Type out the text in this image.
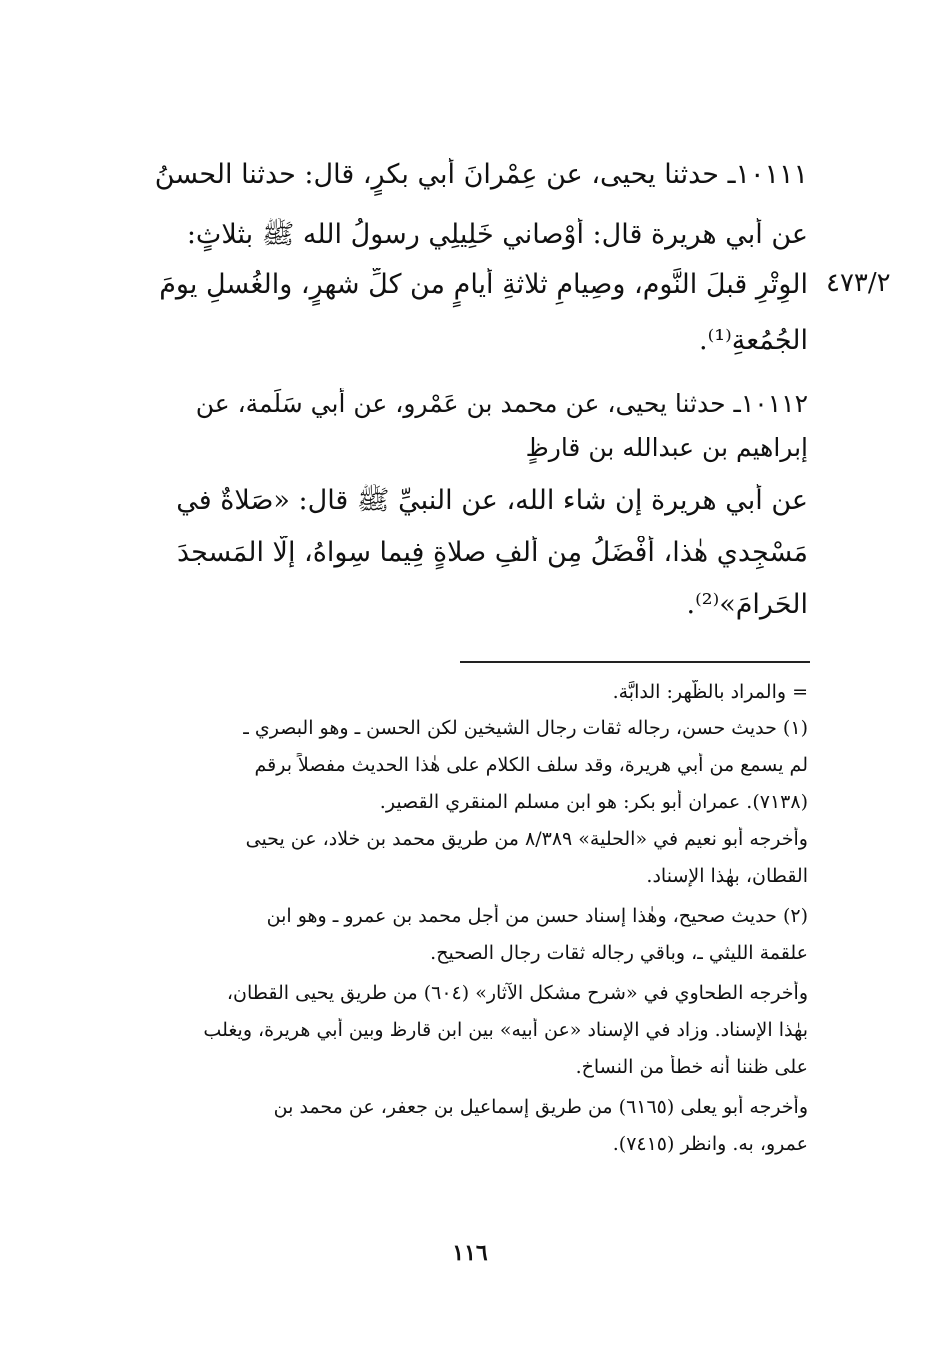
٤٧٣/٢
١٠١١١ـ حدثنا يحيى، عن عِمْرانَ أبي بكرٍ، قال: حدثنا الحسنُ
عن أبي هريرة قال: أَوْصاني خَلِيلِي رسولُ الله ﷺ بثلاثٍ:
الوِتْرِ قبلَ النَّوم، وصِيامِ ثلاثةِ أيامٍ من كلِّ شهرٍ، والغُسلِ يومَ
الجُمُعةِ⁽¹⁾.
١٠١١٢ـ حدثنا يحيى، عن محمد بن عَمْرو، عن أبي سَلَمة، عن
إبراهيم بن عبدالله بن قارظٍ
عن أبي هريرة إن شاء الله، عن النبيِّ ﷺ قال: «صَلاةٌ في
مَسْجِدي هٰذا، أَفْضَلُ مِن أَلفِ صلاةٍ فِيما سِواهُ، إلَّا المَسجدَ
الحَرامَ»⁽²⁾.
= والمراد بالظَّهر: الدابَّة.
(١) حديث حسن، رجاله ثقات رجال الشيخين لكن الحسن ـ وهو البصري ـ
لم يسمع من أبي هريرة، وقد سلف الكلام على هٰذا الحديث مفصلاً برقم
(٧١٣٨). عمران أبو بكر: هو ابن مسلم المنقري القصير.
وأخرجه أبو نعيم في «الحلية» ٨/٣٨٩ من طريق محمد بن خلاد، عن يحيى
القطان، بهٰذا الإسناد.
(٢) حديث صحيح، وهٰذا إسناد حسن من أجل محمد بن عمرو ـ وهو ابن
علقمة الليثي ـ، وباقي رجاله ثقات رجال الصحيح.
وأخرجه الطحاوي في «شرح مشكل الآثار» (٦٠٤) من طريق يحيى القطان،
بهٰذا الإسناد. وزاد في الإسناد «عن أبيه» بين ابن قارظ وبين أبي هريرة، ويغلب
على ظننا أنه خطأ من النساخ.
وأخرجه أبو يعلى (٦١٦٥) من طريق إسماعيل بن جعفر، عن محمد بن
عمرو، به. وانظر (٧٤١٥).
١١٦
